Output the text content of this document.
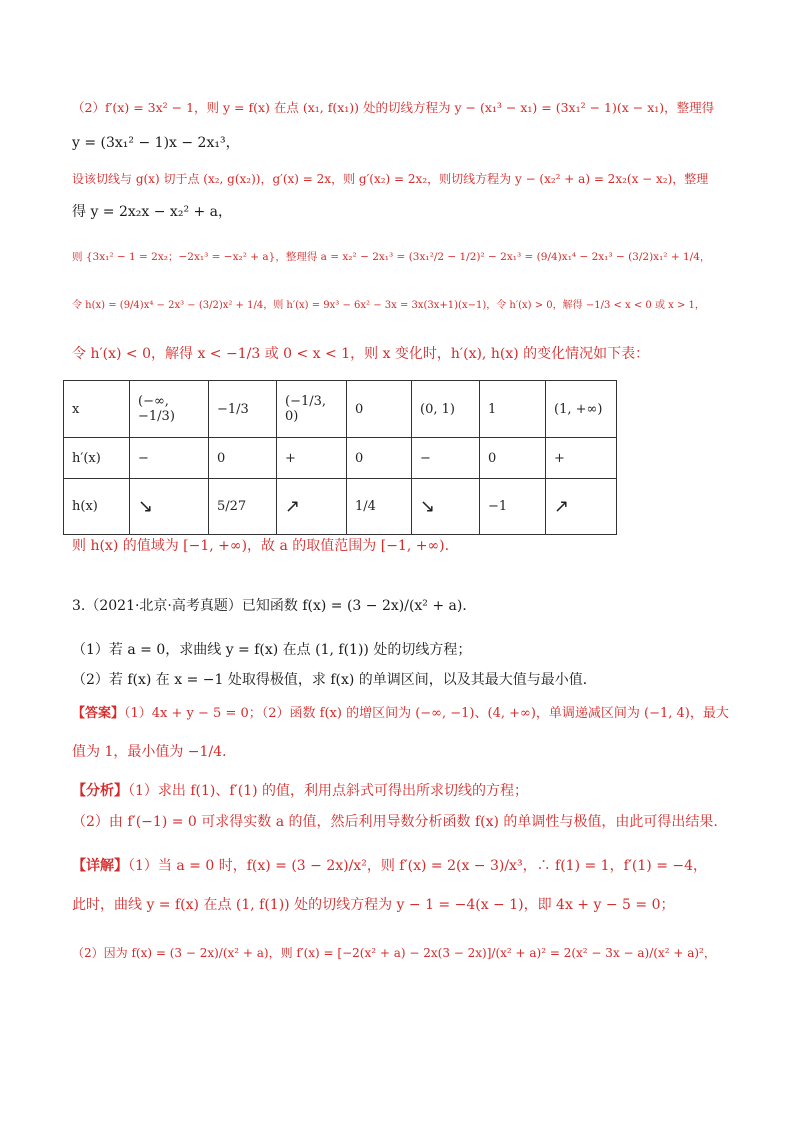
（2）f′(x) = 3x² − 1，则 y = f(x) 在点 (x₁, f(x₁)) 处的切线方程为 y − (x₁³ − x₁) = (3x₁² − 1)(x − x₁)，整理得
y = (3x₁² − 1)x − 2x₁³，
设该切线与 g(x) 切于点 (x₂, g(x₂))，g′(x) = 2x，则 g′(x₂) = 2x₂，则切线方程为 y − (x₂² + a) = 2x₂(x − x₂)，整理
得 y = 2x₂x − x₂² + a，
则 {3x₁² − 1 = 2x₂；−2x₁³ = −x₂² + a}，整理得 a = x₂² − 2x₁³ = (3x₁²/2 − 1/2)² − 2x₁³ = (9/4)x₁⁴ − 2x₁³ − (3/2)x₁² + 1/4，
令 h(x) = (9/4)x⁴ − 2x³ − (3/2)x² + 1/4，则 h′(x) = 9x³ − 6x² − 3x = 3x(3x+1)(x−1)，令 h′(x) > 0，解得 −1/3 < x < 0 或 x > 1，
令 h′(x) < 0，解得 x < −1/3 或 0 < x < 1，则 x 变化时，h′(x), h(x) 的变化情况如下表：
x	(−∞, −1/3)	−1/3	(−1/3, 0)	0	(0, 1)	1	(1, +∞)
h′(x)	−	0	+	0	−	0	+
h(x)	↘	5/27	↗	1/4	↘	−1	↗
则 h(x) 的值域为 [−1, +∞)，故 a 的取值范围为 [−1, +∞).
3.（2021·北京·高考真题）已知函数 f(x) = (3 − 2x)/(x² + a)．
（1）若 a = 0，求曲线 y = f(x) 在点 (1, f(1)) 处的切线方程；
（2）若 f(x) 在 x = −1 处取得极值，求 f(x) 的单调区间，以及其最大值与最小值．
【答案】（1）4x + y − 5 = 0；（2）函数 f(x) 的增区间为 (−∞, −1)、(4, +∞)，单调递减区间为 (−1, 4)，最大
值为 1，最小值为 −1/4．
【分析】（1）求出 f(1)、f′(1) 的值，利用点斜式可得出所求切线的方程；
（2）由 f′(−1) = 0 可求得实数 a 的值，然后利用导数分析函数 f(x) 的单调性与极值，由此可得出结果.
【详解】（1）当 a = 0 时，f(x) = (3 − 2x)/x²，则 f′(x) = 2(x − 3)/x³，∴ f(1) = 1，f′(1) = −4，
此时，曲线 y = f(x) 在点 (1, f(1)) 处的切线方程为 y − 1 = −4(x − 1)，即 4x + y − 5 = 0；
（2）因为 f(x) = (3 − 2x)/(x² + a)，则 f′(x) = [−2(x² + a) − 2x(3 − 2x)]/(x² + a)² = 2(x² − 3x − a)/(x² + a)²，
